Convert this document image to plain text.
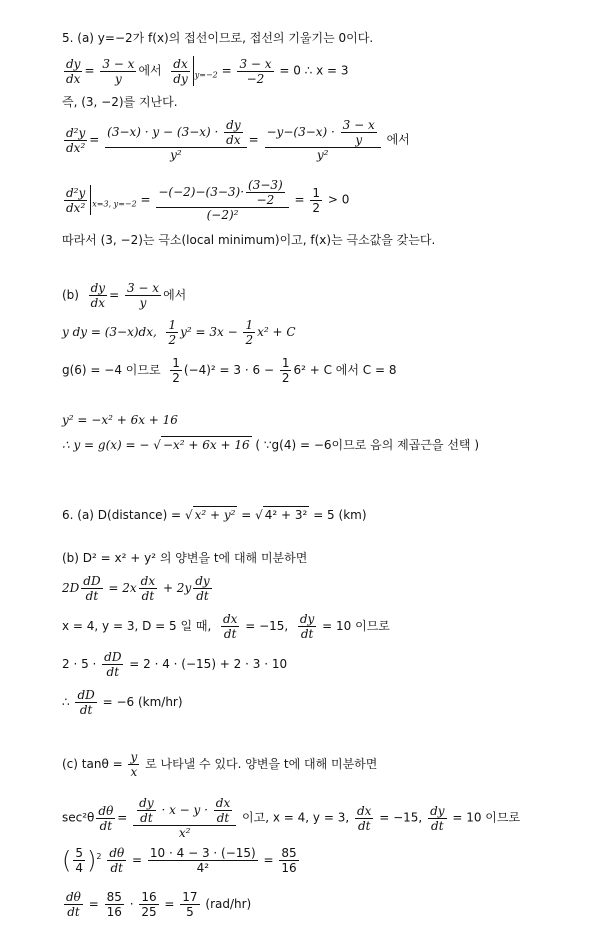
5. (a) y=−2가 f(x)의 접선이므로, 접선의 기울기는 0이다.
$\frac{dy}{dx} = \frac{3 - x}{y}$ 에서 $\frac{dx}{dy} _{y=-2} = \frac{3 - x}{-2} = 0$ ∴ x = 3
즉, (3, −2)를 지난다.
$\frac{\text{d²y}}{\text{dx²}} = \frac{(3-x) \cdot y - (3-x) \cdot \frac{dy}{dx}}{\text{y²}} = \frac{-y-(3-x) \cdot \frac{3 - x}{y}}{\text{y²}}$ 에서
$\frac{\text{d²y}}{\text{dx²}} _{x=3, y=-2} = \frac{-(-2)-(3-3)\cdot \frac{(3-3)}{-2}}{\text{(−2)²}} = \frac{1}{2} > 0$
따라서 (3, −2)는 극소(local minimum)이고, f(x)는 극소값을 갖는다.
$(b) \frac{dy}{dx} = \frac{3 - x}{y}$ 에서
y dy = (3−x)dx, $\frac{1}{2} y^2 = 3x - \frac{1}{2} x^2 + C$
g(6) = −4 이므로 $\frac{1}{2} (-4)^2 = 3 \cdot 6 - \frac{1}{2} 6^2 + C$ 에서 C = 8
y² = −x² + 6x + 16
∴ y = g(x) = − √ −x² + 6x + 16 ( ∵g(4) = −6이므로 음의 제곱근을 선택 )
6. (a) D(distance) = √ x² + y² = √ 4² + 3² = 5 (km)
(b) D² = x² + y² 의 양변을 t에 대해 미분하면
$2D \frac{dD}{dt} = 2x \frac{dx}{dt} + 2y \frac{dy}{dt}$
x = 4, y = 3, D = 5 일 때, $\frac{dx}{dt} = -15$, $\frac{dy}{dt} = 10$ 이므로
$2 \cdot 5 \cdot \frac{dD}{dt} = 2 \cdot 4 \cdot (-15) + 2 \cdot 3 \cdot 10$
∴ $\frac{dD}{dt} = -6$ (km/hr)
(c) $\tan\theta = \frac{y}{x}$ 로 나타낼 수 있다. 양변을 t에 대해 미분하면
$\sec^2\theta \frac{d\theta}{dt} = \frac{\frac{dy}{dt} \cdot x - y \cdot \frac{dx}{dt}}{\text{x²}}$ 이고, x = 4, y = 3, $\frac{dx}{dt} = -15$, $\frac{dy}{dt} = 10$ 이므로
( $\frac{5}{4} )^2 \frac{d\theta}{dt} = \frac{10 \cdot 4 - 3 \cdot (-15)}{\text{4²}} = \frac{85}{16}$
$\frac{d\theta}{dt} = \frac{85}{16} \cdot \frac{16}{25} = \frac{17}{5} (rad/hr)$
